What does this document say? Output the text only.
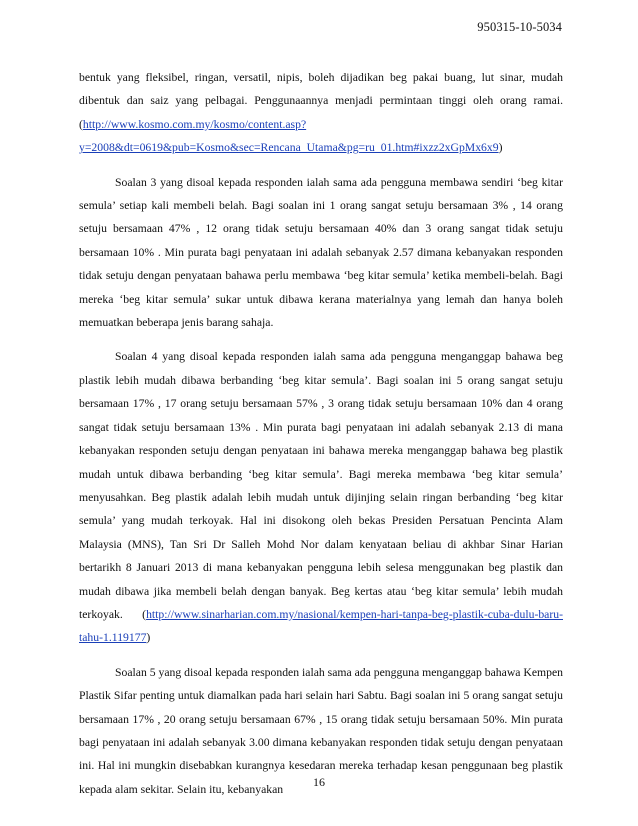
950315-10-5034

bentuk yang fleksibel, ringan, versatil, nipis, boleh dijadikan beg pakai buang, lut sinar, mudah dibentuk dan saiz yang pelbagai. Penggunaannya menjadi permintaan tinggi oleh orang ramai. (http://www.kosmo.com.my/kosmo/content.asp?y=2008&dt=0619&pub=Kosmo&sec=Rencana_Utama&pg=ru_01.htm#ixzz2xGpMx6x9)

Soalan 3 yang disoal kepada responden ialah sama ada pengguna membawa sendiri ‘beg kitar semula’ setiap kali membeli belah. Bagi soalan ini 1 orang sangat setuju bersamaan 3% , 14 orang setuju bersamaan 47% , 12 orang tidak setuju bersamaan 40% dan 3 orang sangat tidak setuju bersamaan 10% . Min purata bagi penyataan ini adalah sebanyak 2.57 dimana kebanyakan responden tidak setuju dengan penyataan bahawa perlu membawa ‘beg kitar semula’ ketika membeli-belah. Bagi mereka ‘beg kitar semula’ sukar untuk dibawa kerana materialnya yang lemah dan hanya boleh memuatkan beberapa jenis barang sahaja.

Soalan 4 yang disoal kepada responden ialah sama ada pengguna menganggap bahawa beg plastik lebih mudah dibawa berbanding ‘beg kitar semula’. Bagi soalan ini 5 orang sangat setuju bersamaan 17% , 17 orang setuju bersamaan 57% , 3 orang tidak setuju bersamaan 10% dan 4 orang sangat tidak setuju bersamaan 13% . Min purata bagi penyataan ini adalah sebanyak 2.13 di mana kebanyakan responden setuju dengan penyataan ini bahawa mereka menganggap bahawa beg plastik mudah untuk dibawa berbanding ‘beg kitar semula’. Bagi mereka membawa ‘beg kitar semula’ menyusahkan. Beg plastik adalah lebih mudah untuk dijinjing selain ringan berbanding ‘beg kitar semula’ yang mudah terkoyak. Hal ini disokong oleh bekas Presiden Persatuan Pencinta Alam Malaysia (MNS), Tan Sri Dr Salleh Mohd Nor dalam kenyataan beliau di akhbar Sinar Harian bertarikh 8 Januari 2013 di mana kebanyakan pengguna lebih selesa menggunakan beg plastik dan mudah dibawa jika membeli belah dengan banyak. Beg kertas atau ‘beg kitar semula’ lebih mudah terkoyak. (http://www.sinarharian.com.my/nasional/kempen-hari-tanpa-beg-plastik-cuba-dulu-baru-tahu-1.119177)

Soalan 5 yang disoal kepada responden ialah sama ada pengguna menganggap bahawa Kempen Plastik Sifar penting untuk diamalkan pada hari selain hari Sabtu. Bagi soalan ini 5 orang sangat setuju bersamaan 17% , 20 orang setuju bersamaan 67% , 15 orang tidak setuju bersamaan 50%. Min purata bagi penyataan ini adalah sebanyak 3.00 dimana kebanyakan responden tidak setuju dengan penyataan ini. Hal ini mungkin disebabkan kurangnya kesedaran mereka terhadap kesan penggunaan beg plastik kepada alam sekitar. Selain itu, kebanyakan

16
